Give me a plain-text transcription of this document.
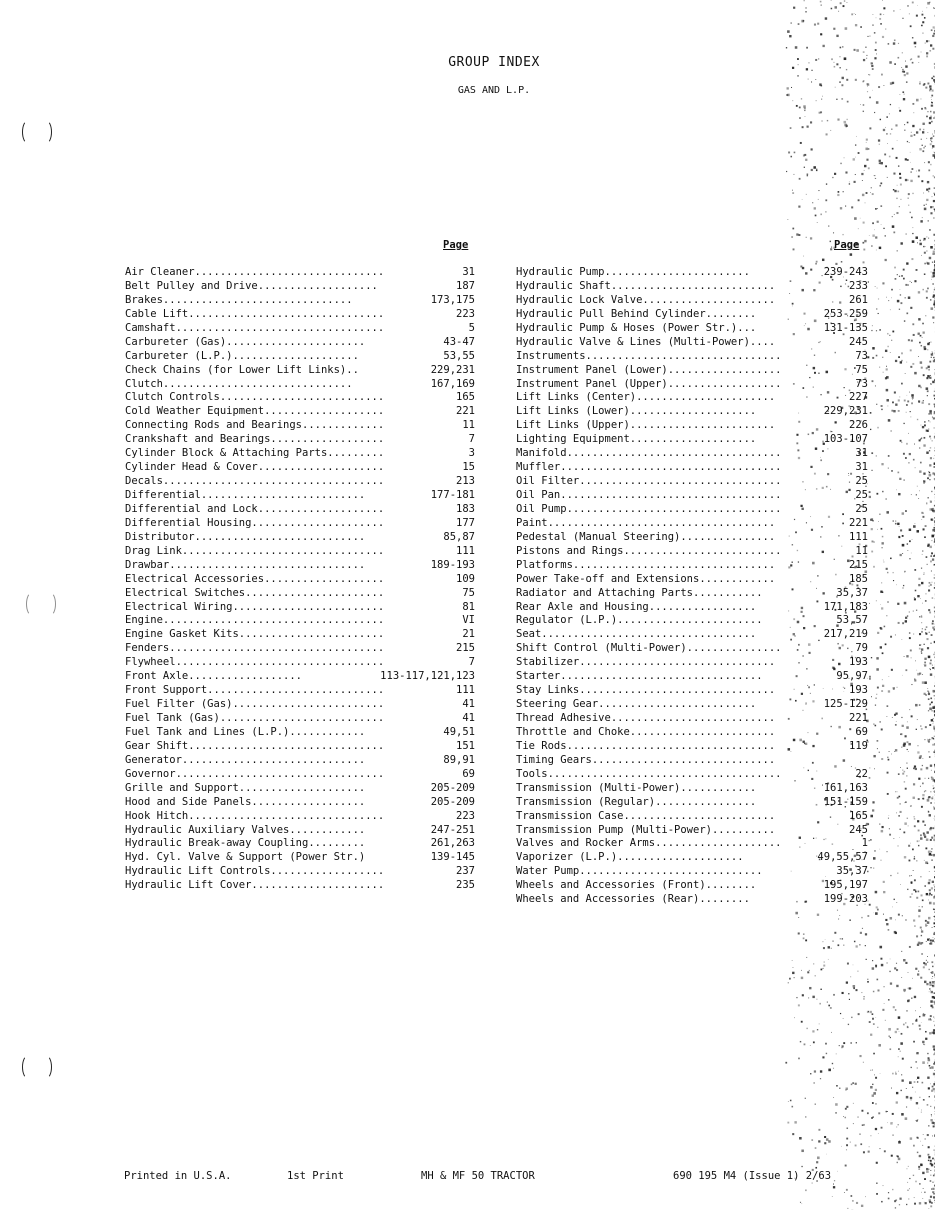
GROUP INDEX
GAS AND L.P.
Page	Page
Air Cleaner..............................	31
Belt Pulley and Drive...................	187
Brakes..............................	173,175
Cable Lift...............................	223
Camshaft.................................	5
Carbureter (Gas)......................	43-47
Carbureter (L.P.)....................	53,55
Check Chains (for Lower Lift Links)..	229,231
Clutch..............................	167,169
Clutch Controls..........................	165
Cold Weather Equipment...................	221
Connecting Rods and Bearings.............	11
Crankshaft and Bearings..................	7
Cylinder Block & Attaching Parts.........	3
Cylinder Head & Cover....................	15
Decals...................................	213
Differential..........................	177-181
Differential and Lock....................	183
Differential Housing.....................	177
Distributor...........................	85,87
Drag Link................................	111
Drawbar...............................	189-193
Electrical Accessories...................	109
Electrical Switches......................	75
Electrical Wiring........................	81
Engine...................................	VI
Engine Gasket Kits.......................	21
Fenders..................................	215
Flywheel.................................	7
Front Axle..................	113-117,121,123
Front Support............................	111
Fuel Filter (Gas)........................	41
Fuel Tank (Gas)..........................	41
Fuel Tank and Lines (L.P.)............	49,51
Gear Shift...............................	151
Generator.............................	89,91
Governor.................................	69
Grille and Support....................	205-209
Hood and Side Panels..................	205-209
Hook Hitch...............................	223
Hydraulic Auxiliary Valves............	247-251
Hydraulic Break-away Coupling.........	261,263
Hyd. Cyl. Valve & Support (Power Str.)	139-145
Hydraulic Lift Controls..................	237
Hydraulic Lift Cover.....................	235
Hydraulic Pump.......................	239-243
Hydraulic Shaft..........................	233
Hydraulic Lock Valve.....................	261
Hydraulic Pull Behind Cylinder........	253-259
Hydraulic Pump & Hoses (Power Str.)...	131-135
Hydraulic Valve & Lines (Multi-Power)....	245
Instruments...............................	73
Instrument Panel (Lower)..................	75
Instrument Panel (Upper)..................	73
Lift Links (Center)......................	227
Lift Links (Lower)....................	229,231
Lift Links (Upper).......................	226
Lighting Equipment....................	103-107
Manifold..................................	31
Muffler...................................	31
Oil Filter................................	25
Oil Pan...................................	25
Oil Pump..................................	25
Paint....................................	221
Pedestal (Manual Steering)...............	111
Pistons and Rings.........................	11
Platforms................................	215
Power Take-off and Extensions............	185
Radiator and Attaching Parts...........	35,37
Rear Axle and Housing.................	171,183
Regulator (L.P.).......................	53,57
Seat..................................	217,219
Shift Control (Multi-Power)...............	79
Stabilizer...............................	193
Starter................................	95,97
Stay Links...............................	193
Steering Gear.........................	125-129
Thread Adhesive..........................	221
Throttle and Choke.......................	69
Tie Rods.................................	119
Timing Gears.............................
Tools.....................................	22
Transmission (Multi-Power)............	161,163
Transmission (Regular)................	151-159
Transmission Case........................	165
Transmission Pump (Multi-Power)..........	245
Valves and Rocker Arms....................	1
Vaporizer (L.P.)....................	49,55,57
Water Pump.............................	35,37
Wheels and Accessories (Front)........	195,197
Wheels and Accessories (Rear)........	199-203
Printed in U.S.A.	1st Print	MH & MF 50 TRACTOR	690 195 M4 (Issue 1) 2/63
